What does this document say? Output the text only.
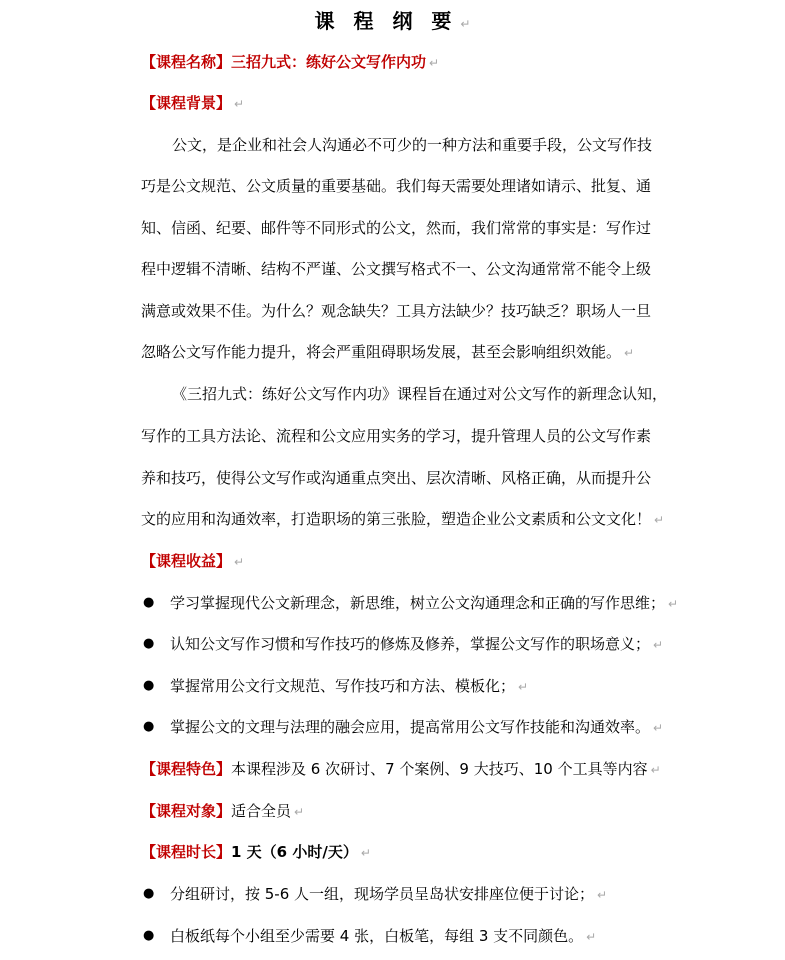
课 程 纲 要 ↵
【课程名称】三招九式：练好公文写作内功 ↵
【课程背景】 ↵
公文，是企业和社会人沟通必不可少的一种方法和重要手段，公文写作技
巧是公文规范、公文质量的重要基础。我们每天需要处理诸如请示、批复、通
知、信函、纪要、邮件等不同形式的公文，然而，我们常常的事实是：写作过
程中逻辑不清晰、结构不严谨、公文撰写格式不一、公文沟通常常不能令上级
满意或效果不佳。为什么？观念缺失？工具方法缺少？技巧缺乏？职场人一旦
忽略公文写作能力提升，将会严重阻碍职场发展，甚至会影响组织效能。 ↵
《三招九式：练好公文写作内功》课程旨在通过对公文写作的新理念认知，
写作的工具方法论、流程和公文应用实务的学习，提升管理人员的公文写作素
养和技巧，使得公文写作或沟通重点突出、层次清晰、风格正确，从而提升公
文的应用和沟通效率，打造职场的第三张脸，塑造企业公文素质和公文文化！ ↵
【课程收益】 ↵
● 学习掌握现代公文新理念，新思维，树立公文沟通理念和正确的写作思维； ↵
● 认知公文写作习惯和写作技巧的修炼及修养，掌握公文写作的职场意义； ↵
● 掌握常用公文行文规范、写作技巧和方法、模板化； ↵
● 掌握公文的文理与法理的融会应用，提高常用公文写作技能和沟通效率。 ↵
【课程特色】本课程涉及 6 次研讨、7 个案例、9 大技巧、10 个工具等内容 ↵
【课程对象】适合全员 ↵
【课程时长】1 天（6 小时/天） ↵
● 分组研讨，按 5-6 人一组，现场学员呈岛状安排座位便于讨论； ↵
● 白板纸每个小组至少需要 4 张，白板笔，每组 3 支不同颜色。 ↵
